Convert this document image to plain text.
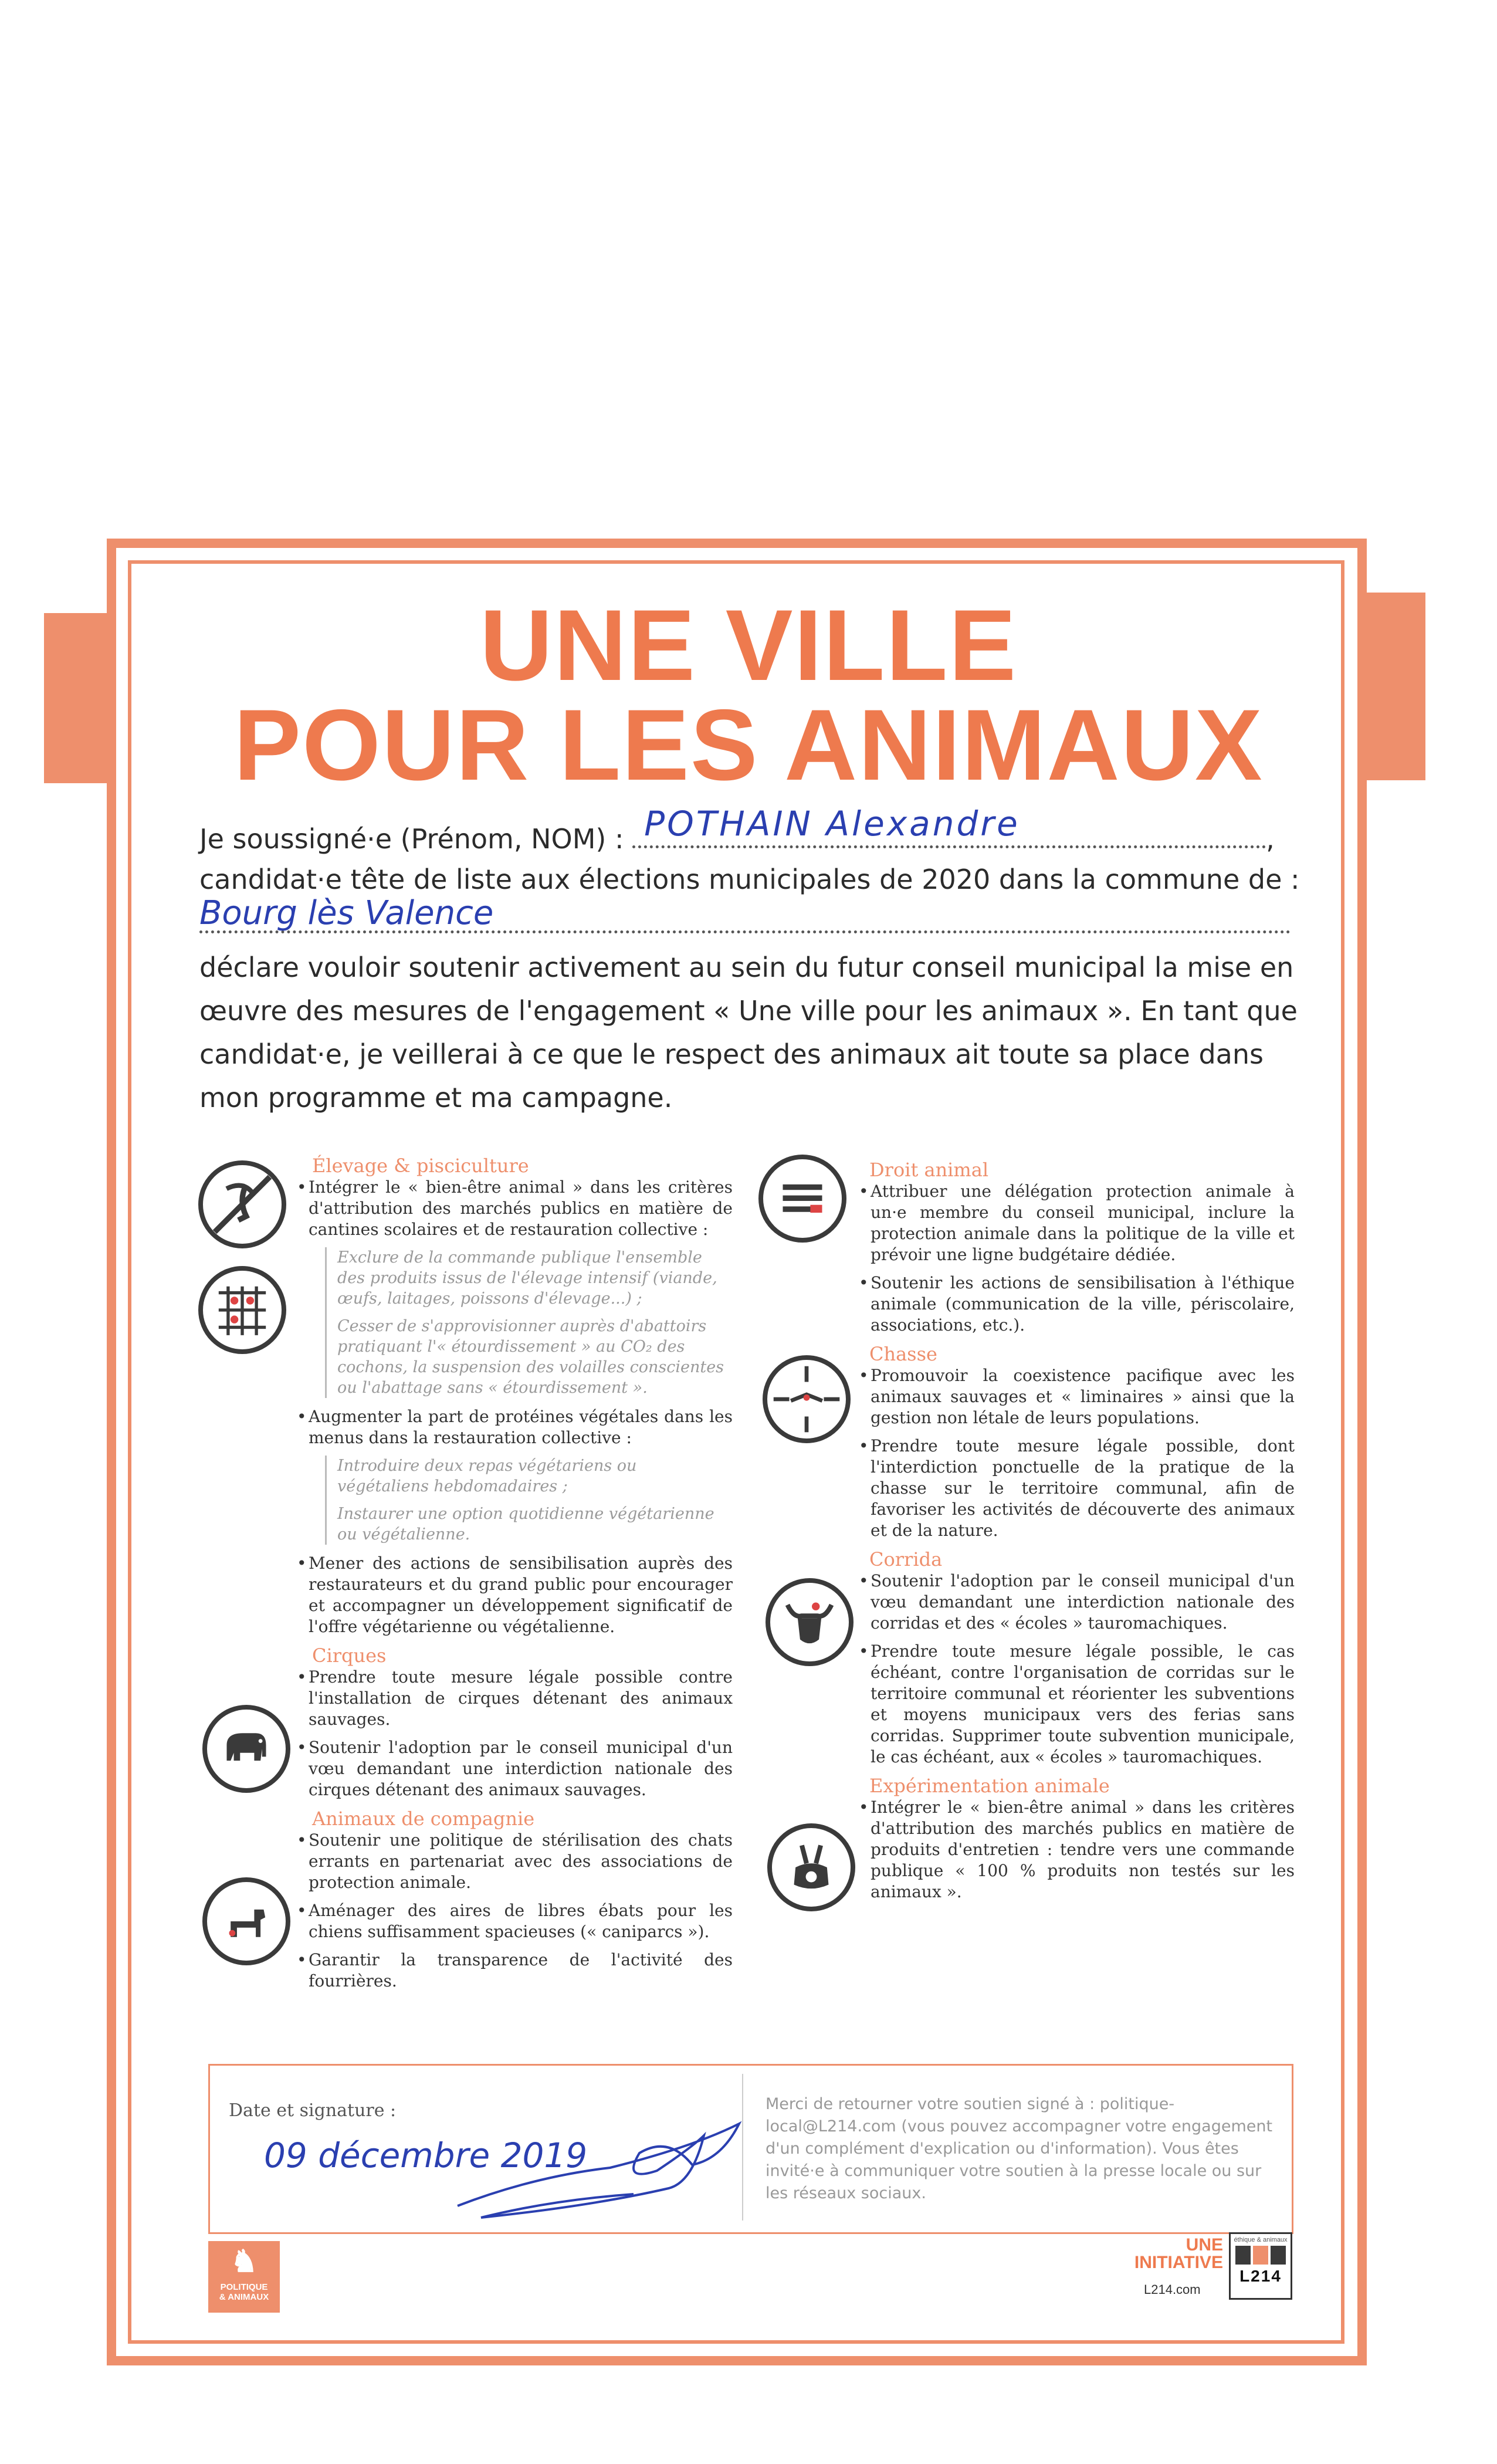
UNE VILLE
POUR LES ANIMAUX
Je soussigné·e (Prénom, NOM) : POTHAIN Alexandre	,
candidat·e tête de liste aux élections municipales de 2020 dans la commune de :
Bourg lès Valence
déclare vouloir soutenir activement au sein du futur conseil municipal la mise en œuvre des mesures de l'engagement « Une ville pour les animaux ». En tant que candidat·e, je veillerai à ce que le respect des animaux ait toute sa place dans mon programme et ma campagne.
Élevage & pisciculture
• Intégrer le « bien-être animal » dans les critères d'attribution des marchés publics en matière de cantines scolaires et de restauration collective :

Exclure de la commande publique l'ensemble des produits issus de l'élevage intensif (viande, œufs, laitages, poissons d'élevage...) ;

Cesser de s'approvisionner auprès d'abattoirs pratiquant l'« étourdissement » au CO₂ des cochons, la suspension des volailles conscientes ou l'abattage sans « étourdissement ».

• Augmenter la part de protéines végétales dans les menus dans la restauration collective :

Introduire deux repas végétariens ou végétaliens hebdomadaires ;

Instaurer une option quotidienne végétarienne ou végétalienne.

• Mener des actions de sensibilisation auprès des restaurateurs et du grand public pour encourager et accompagner un développement significatif de l'offre végétarienne ou végétalienne.
Cirques
• Prendre toute mesure légale possible contre l'installation de cirques détenant des animaux sauvages.
• Soutenir l'adoption par le conseil municipal d'un vœu demandant une interdiction nationale des cirques détenant des animaux sauvages.
Animaux de compagnie
• Soutenir une politique de stérilisation des chats errants en partenariat avec des associations de protection animale.
• Aménager des aires de libres ébats pour les chiens suffisamment spacieuses (« caniparcs »).
• Garantir la transparence de l'activité des fourrières.
Droit animal
• Attribuer une délégation protection animale à un·e membre du conseil municipal, inclure la protection animale dans la politique de la ville et prévoir une ligne budgétaire dédiée.
• Soutenir les actions de sensibilisation à l'éthique animale (communication de la ville, périscolaire, associations, etc.).
Chasse
• Promouvoir la coexistence pacifique avec les animaux sauvages et « liminaires » ainsi que la gestion non létale de leurs populations.
• Prendre toute mesure légale possible, dont l'interdiction ponctuelle de la pratique de la chasse sur le territoire communal, afin de favoriser les activités de découverte des animaux et de la nature.
Corrida
• Soutenir l'adoption par le conseil municipal d'un vœu demandant une interdiction nationale des corridas et des « écoles » tauromachiques.
• Prendre toute mesure légale possible, le cas échéant, contre l'organisation de corridas sur le territoire communal et réorienter les subventions et moyens municipaux vers des ferias sans corridas. Supprimer toute subvention municipale, le cas échéant, aux « écoles » tauromachiques.
Expérimentation animale
• Intégrer le « bien-être animal » dans les critères d'attribution des marchés publics en matière de produits d'entretien : tendre vers une commande publique « 100 % produits non testés sur les animaux ».
Date et signature :
09 décembre 2019
Merci de retourner votre soutien signé à : politique-local@L214.com (vous pouvez accompagner votre engagement d'un complément d'explication ou d'information). Vous êtes invité·e à communiquer votre soutien à la presse locale ou sur les réseaux sociaux.
♞
POLITIQUE
& ANIMAUX
UNE
INITIATIVE
L214.com
éthique & animaux
L214
